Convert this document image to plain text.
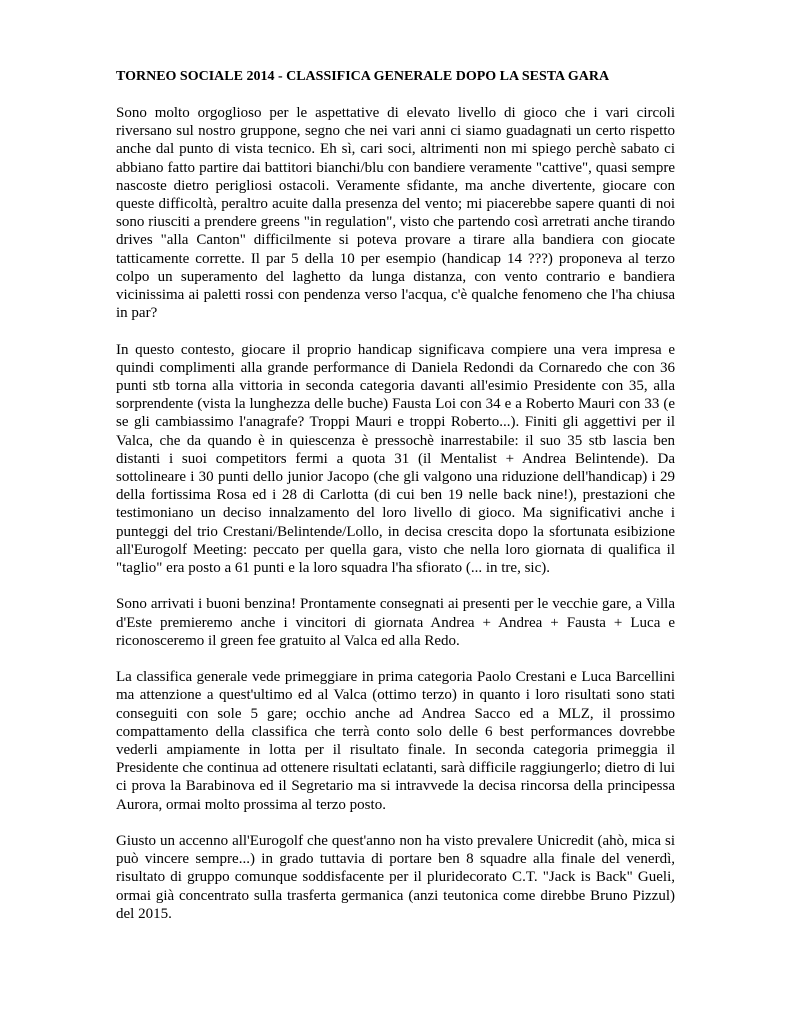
TORNEO SOCIALE 2014 - CLASSIFICA GENERALE DOPO LA SESTA GARA

Sono molto orgoglioso per le aspettative di elevato livello di gioco che i vari circoli riversano sul nostro gruppone, segno che nei vari anni ci siamo guadagnati un certo rispetto anche dal punto di vista tecnico. Eh sì, cari soci, altrimenti non mi spiego perchè sabato ci abbiano fatto partire dai battitori bianchi/blu con bandiere veramente "cattive", quasi sempre nascoste dietro perigliosi ostacoli. Veramente sfidante, ma anche divertente, giocare con queste difficoltà, peraltro acuite dalla presenza del vento; mi piacerebbe sapere quanti di noi sono riusciti a prendere greens "in regulation", visto che partendo così arretrati anche tirando drives "alla Canton" difficilmente si poteva provare a tirare alla bandiera con giocate tatticamente corrette. Il par 5 della 10 per esempio (handicap 14 ???) proponeva al terzo colpo un superamento del laghetto da lunga distanza, con vento contrario e bandiera vicinissima ai paletti rossi con pendenza verso l'acqua, c'è qualche fenomeno che l'ha chiusa in par?

In questo contesto, giocare il proprio handicap significava compiere una vera impresa e quindi complimenti alla grande performance di Daniela Redondi da Cornaredo che con 36 punti stb torna alla vittoria in seconda categoria davanti all'esimio Presidente con 35, alla sorprendente (vista la lunghezza delle buche) Fausta Loi con 34 e a Roberto Mauri con 33 (e se gli cambiassimo l'anagrafe? Troppi Mauri e troppi Roberto...). Finiti gli aggettivi per il Valca, che da quando è in quiescenza è pressochè inarrestabile: il suo 35 stb lascia ben distanti i suoi competitors fermi a quota 31 (il Mentalist + Andrea Belintende). Da sottolineare i 30 punti dello junior Jacopo (che gli valgono una riduzione dell'handicap) i 29 della fortissima Rosa ed i 28 di Carlotta (di cui ben 19 nelle back nine!), prestazioni che testimoniano un deciso innalzamento del loro livello di gioco. Ma significativi anche i punteggi del trio Crestani/Belintende/Lollo, in decisa crescita dopo la sfortunata esibizione all'Eurogolf Meeting: peccato per quella gara, visto che nella loro giornata di qualifica il "taglio" era posto a 61 punti e la loro squadra l'ha sfiorato (... in tre, sic).

Sono arrivati i buoni benzina! Prontamente consegnati ai presenti per le vecchie gare, a Villa d'Este premieremo anche i vincitori di giornata Andrea + Andrea + Fausta + Luca e riconosceremo il green fee gratuito al Valca ed alla Redo.

La classifica generale vede primeggiare in prima categoria Paolo Crestani e Luca Barcellini ma attenzione a quest'ultimo ed al Valca (ottimo terzo) in quanto i loro risultati sono stati conseguiti con sole 5 gare; occhio anche ad Andrea Sacco ed a MLZ, il prossimo compattamento della classifica che terrà conto solo delle 6 best performances dovrebbe vederli ampiamente in lotta per il risultato finale. In seconda categoria primeggia il Presidente che continua ad ottenere risultati eclatanti, sarà difficile raggiungerlo; dietro di lui ci prova la Barabinova ed il Segretario ma si intravvede la decisa rincorsa della principessa Aurora, ormai molto prossima al terzo posto.

Giusto un accenno all'Eurogolf che quest'anno non ha visto prevalere Unicredit (ahò, mica si può vincere sempre...) in grado tuttavia di portare ben 8 squadre alla finale del venerdì, risultato di gruppo comunque soddisfacente per il pluridecorato C.T. "Jack is Back" Gueli, ormai già concentrato sulla trasferta germanica (anzi teutonica come direbbe Bruno Pizzul) del 2015.
